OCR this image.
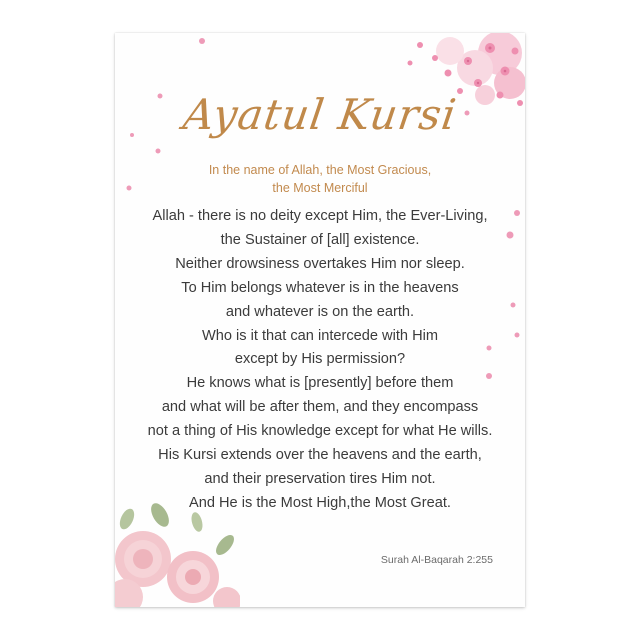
Ayatul Kursi
In the name of Allah, the Most Gracious,
the Most Merciful
Allah - there is no deity except Him, the Ever-Living,
the Sustainer of [all] existence.
Neither drowsiness overtakes Him nor sleep.
To Him belongs whatever is in the heavens
and whatever is on the earth.
Who is it that can intercede with Him
except by His permission?
He knows what is [presently] before them
and what will be after them, and they encompass
not a thing of His knowledge except for what He wills.
His Kursi extends over the heavens and the earth,
and their preservation tires Him not.
And He is the Most High,the Most Great.
Surah Al-Baqarah 2:255
